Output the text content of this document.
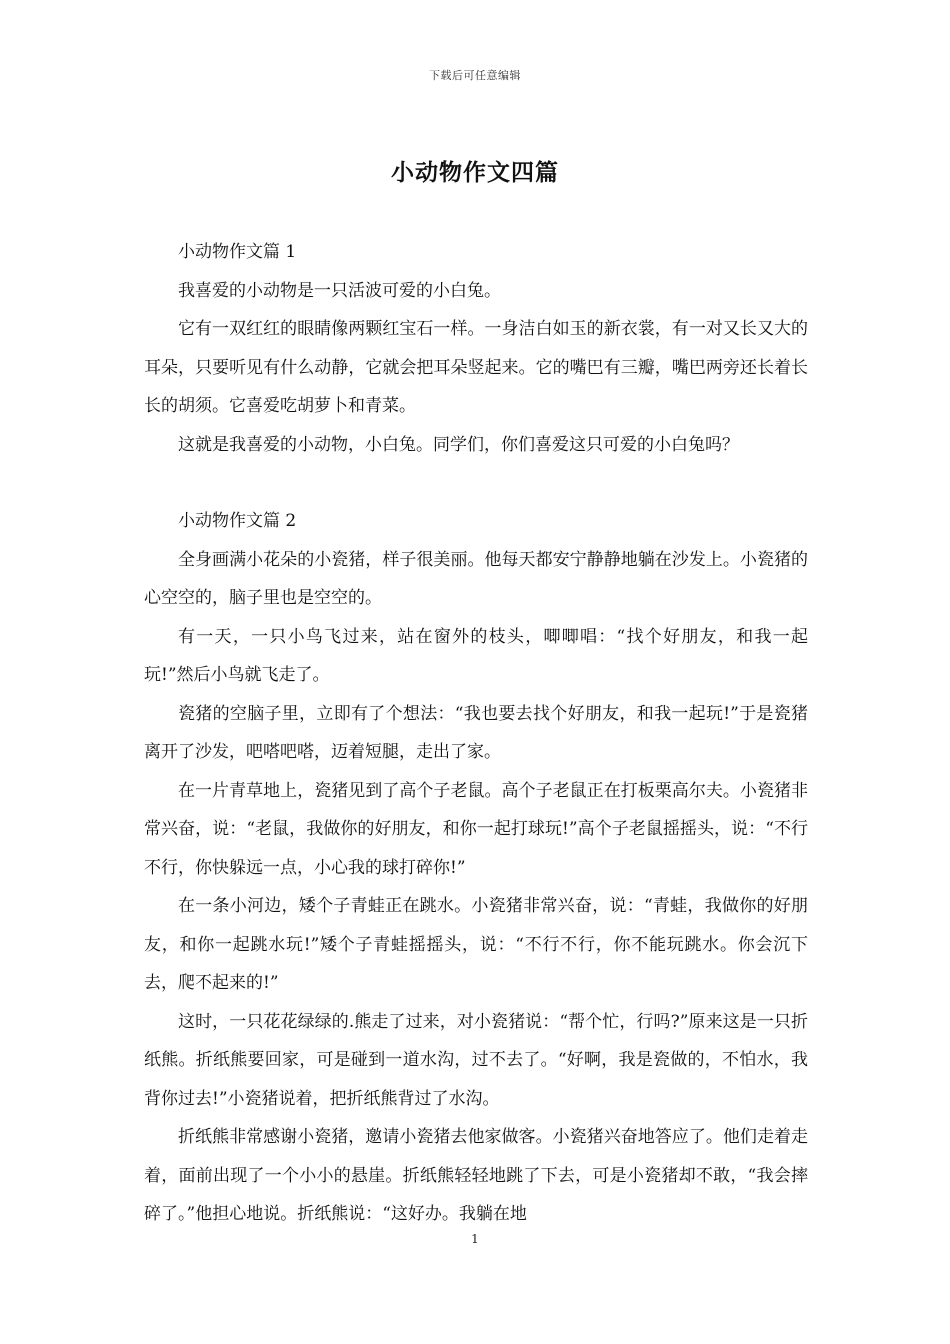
下载后可任意编辑
小动物作文四篇

小动物作文篇 1

我喜爱的小动物是一只活波可爱的小白兔。

它有一双红红的眼睛像两颗红宝石一样。一身洁白如玉的新衣裳，有一对又长又大的耳朵，只要听见有什么动静，它就会把耳朵竖起来。它的嘴巴有三瓣，嘴巴两旁还长着长长的胡须。它喜爱吃胡萝卜和青菜。

这就是我喜爱的小动物，小白兔。同学们，你们喜爱这只可爱的小白兔吗？

小动物作文篇 2

全身画满小花朵的小瓷猪，样子很美丽。他每天都安宁静静地躺在沙发上。小瓷猪的心空空的，脑子里也是空空的。

有一天，一只小鸟飞过来，站在窗外的枝头，唧唧唱：“找个好朋友，和我一起玩!”然后小鸟就飞走了。

瓷猪的空脑子里，立即有了个想法：“我也要去找个好朋友，和我一起玩!”于是瓷猪离开了沙发，吧嗒吧嗒，迈着短腿，走出了家。

在一片青草地上，瓷猪见到了高个子老鼠。高个子老鼠正在打板栗高尔夫。小瓷猪非常兴奋，说：“老鼠，我做你的好朋友，和你一起打球玩!”高个子老鼠摇摇头，说：“不行不行，你快躲远一点，小心我的球打碎你!”

在一条小河边，矮个子青蛙正在跳水。小瓷猪非常兴奋，说：“青蛙，我做你的好朋友，和你一起跳水玩!”矮个子青蛙摇摇头，说：“不行不行，你不能玩跳水。你会沉下去，爬不起来的!”

这时，一只花花绿绿的.熊走了过来，对小瓷猪说：“帮个忙，行吗?”原来这是一只折纸熊。折纸熊要回家，可是碰到一道水沟，过不去了。“好啊，我是瓷做的，不怕水，我背你过去!”小瓷猪说着，把折纸熊背过了水沟。

折纸熊非常感谢小瓷猪，邀请小瓷猪去他家做客。小瓷猪兴奋地答应了。他们走着走着，面前出现了一个小小的悬崖。折纸熊轻轻地跳了下去，可是小瓷猪却不敢，“我会摔碎了。”他担心地说。折纸熊说：“这好办。我躺在地

1
